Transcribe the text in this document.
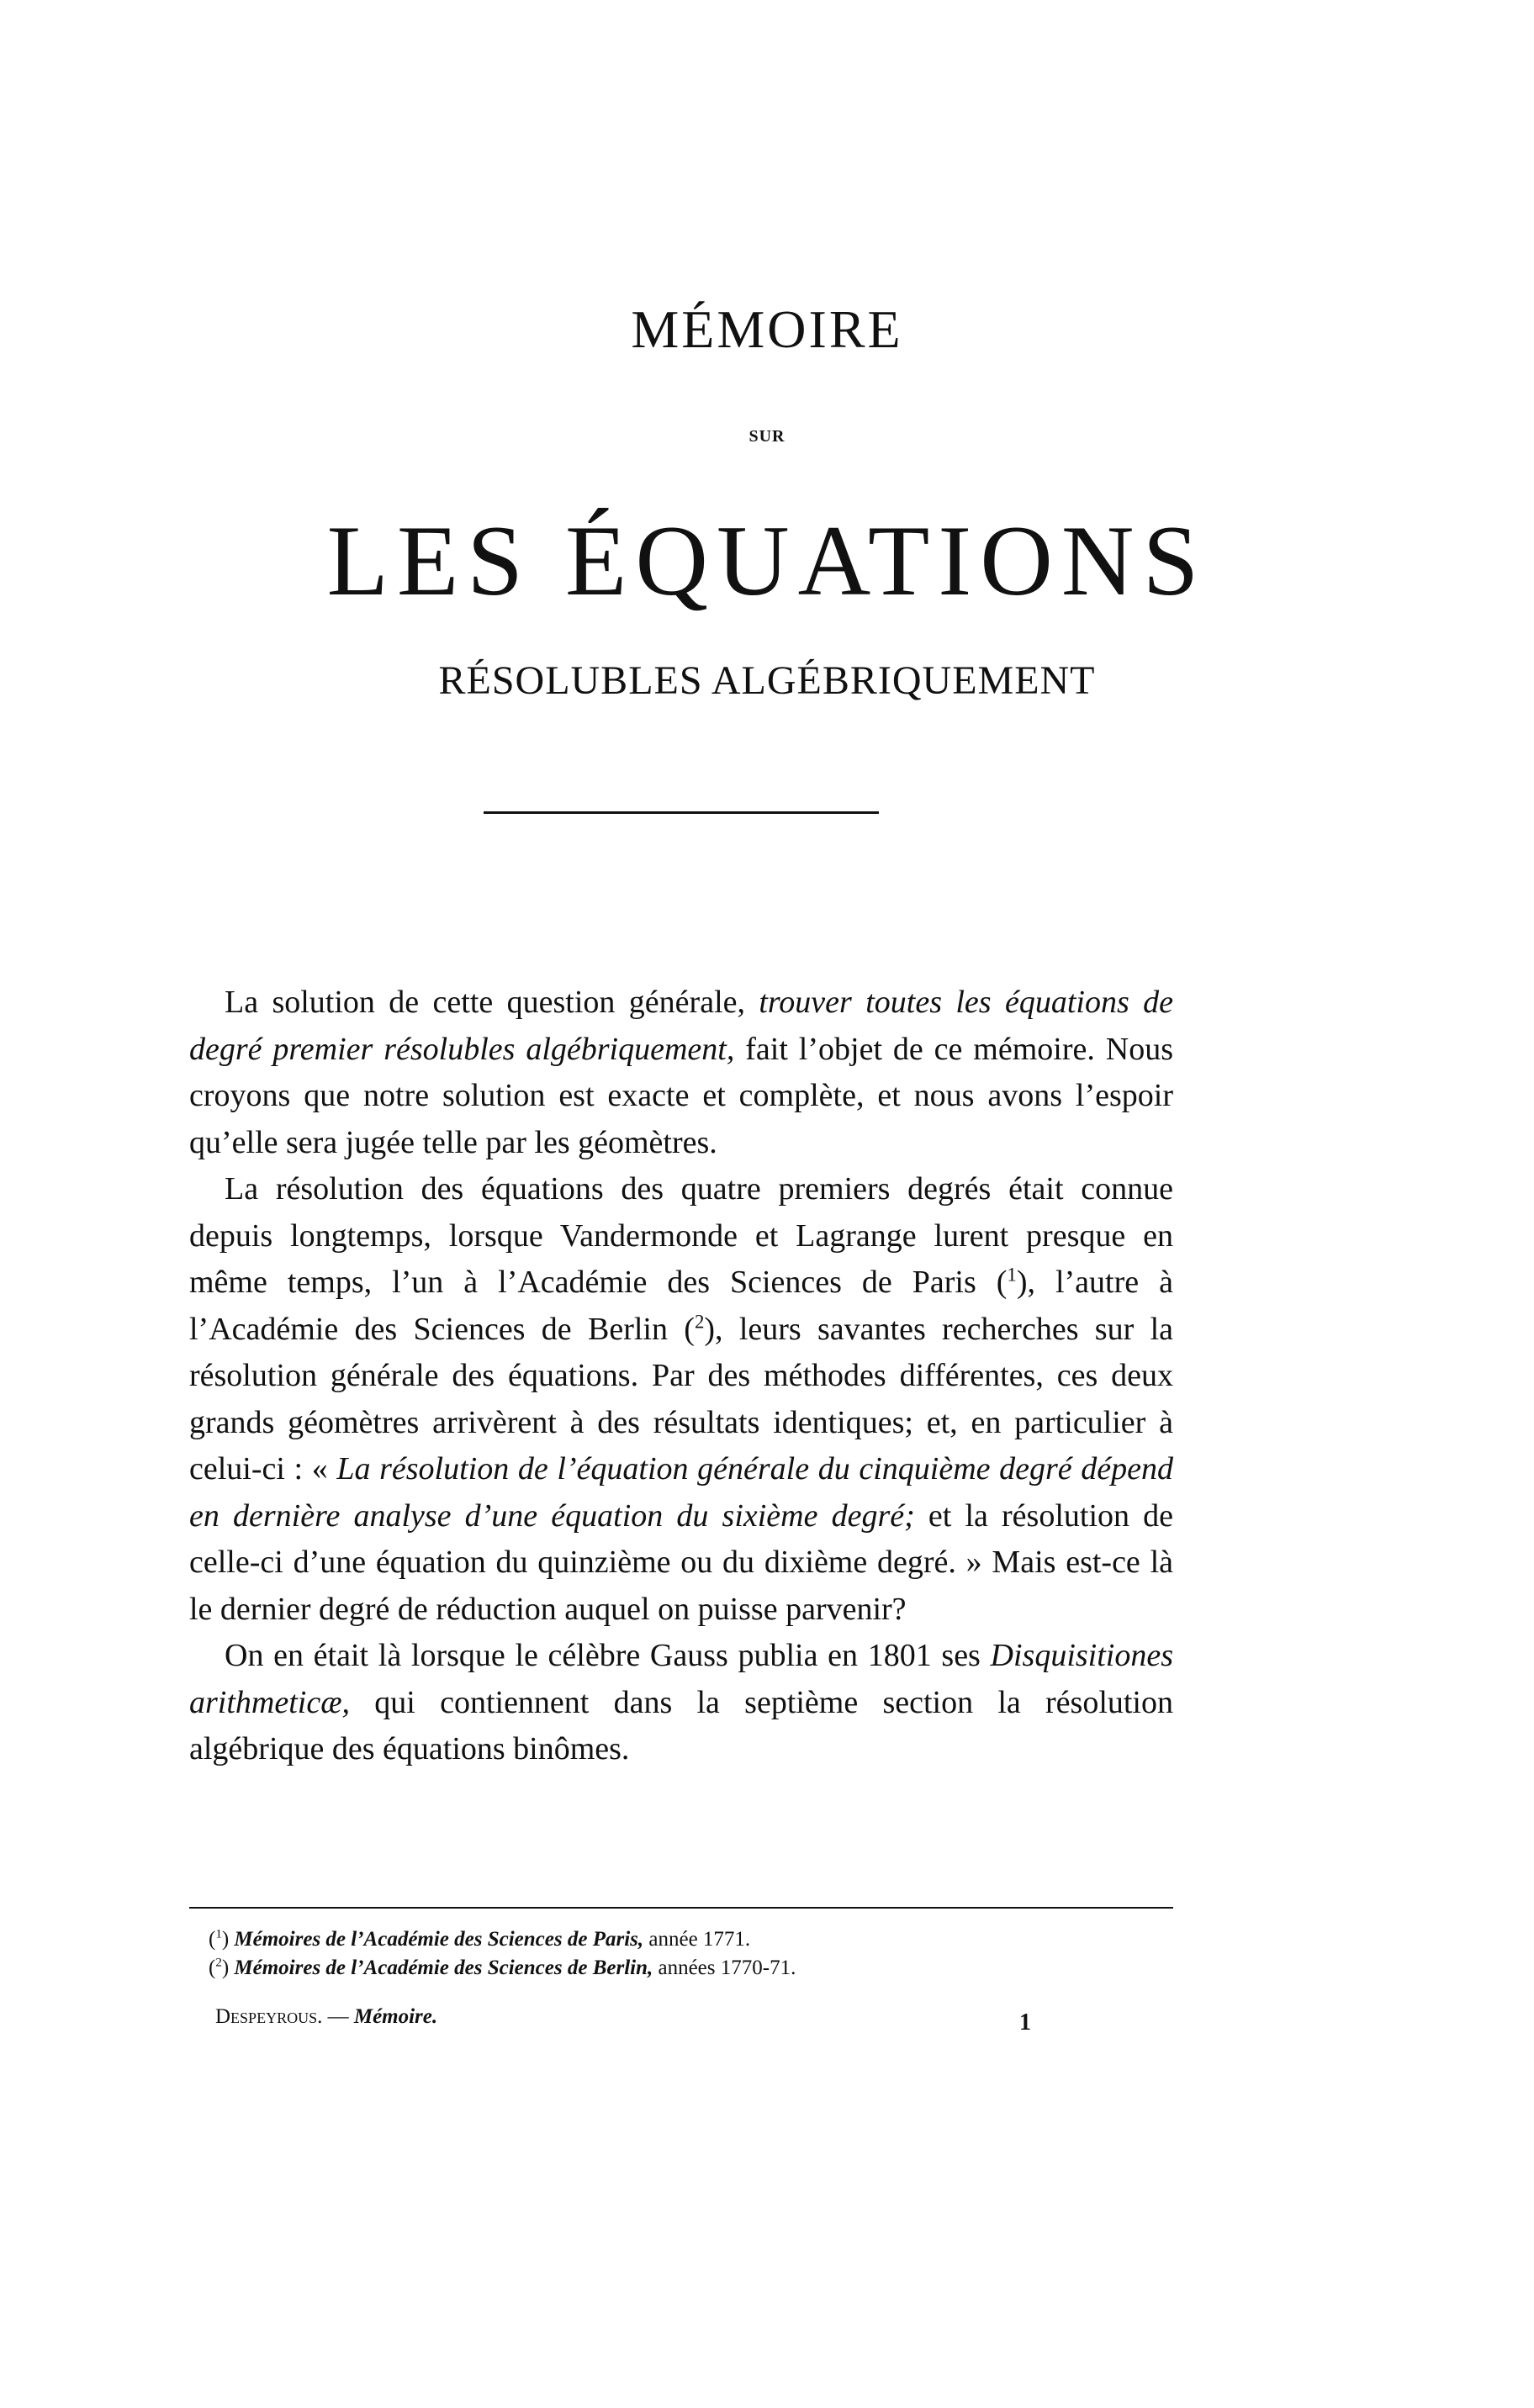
MÉMOIRE
SUR
LES ÉQUATIONS
RÉSOLUBLES ALGÉBRIQUEMENT

La solution de cette question générale, trouver toutes les équations de degré premier résolubles algébriquement, fait l’objet de ce mémoire. Nous croyons que notre solution est exacte et complète, et nous avons l’espoir qu’elle sera jugée telle par les géomètres.

La résolution des équations des quatre premiers degrés était connue depuis longtemps, lorsque Vandermonde et Lagrange lurent presque en même temps, l’un à l’Académie des Sciences de Paris ($^1$), l’autre à l’Académie des Sciences de Berlin ($^2$), leurs savantes recherches sur la résolution générale des équations. Par des méthodes différentes, ces deux grands géomètres arrivèrent à des résultats identiques; et, en particulier à celui-ci : « La résolution de l’équation générale du cinquième degré dépend en dernière analyse d’une équation du sixième degré; et la résolution de celle-ci d’une équation du quinzième ou du dixième degré. » Mais est-ce là le dernier degré de réduction auquel on puisse parvenir?

On en était là lorsque le célèbre Gauss publia en 1801 ses Disquisitiones arithmeticæ, qui contiennent dans la septième section la résolution algébrique des équations binômes.

($^1$) Mémoires de l’Académie des Sciences de Paris, année 1771.

($^2$) Mémoires de l’Académie des Sciences de Berlin, années 1770-71.

Despeyrous. — Mémoire.	1
